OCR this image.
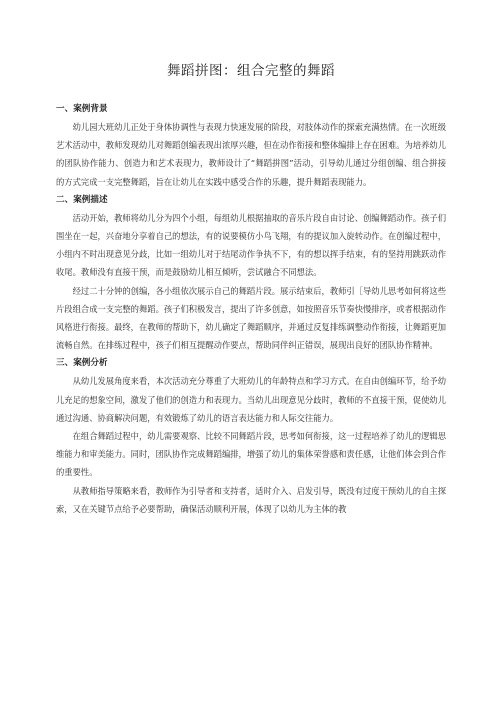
舞蹈拼图：组合完整的舞蹈
一、案例背景

幼儿园大班幼儿正处于身体协调性与表现力快速发展的阶段，对肢体动作的探索充满热情。在一次班级艺术活动中，教师发现幼儿对舞蹈创编表现出浓厚兴趣，但在动作衔接和整体编排上存在困难。为培养幼儿的团队协作能力、创造力和艺术表现力，教师设计了“舞蹈拼图”活动，引导幼儿通过分组创编、组合拼接的方式完成一支完整舞蹈，旨在让幼儿在实践中感受合作的乐趣，提升舞蹈表现能力。

二、案例描述

活动开始，教师将幼儿分为四个小组，每组幼儿根据抽取的音乐片段自由讨论、创编舞蹈动作。孩子们围坐在一起，兴奋地分享着自己的想法，有的说要模仿小鸟飞翔，有的提议加入旋转动作。在创编过程中，小组内不时出现意见分歧，比如一组幼儿对于结尾动作争执不下，有的想以挥手结束，有的坚持用跳跃动作收尾。教师没有直接干预，而是鼓励幼儿相互倾听，尝试融合不同想法。

经过二十分钟的创编，各小组依次展示自己的舞蹈片段。展示结束后，教师引［导幼儿思考如何将这些片段组合成一支完整的舞蹈。孩子们积极发言，提出了许多创意，如按照音乐节奏快慢排序，或者根据动作风格进行衔接。最终，在教师的帮助下，幼儿确定了舞蹈顺序，并通过反复排练调整动作衔接，让舞蹈更加流畅自然。在排练过程中，孩子们相互提醒动作要点，帮助同伴纠正错误，展现出良好的团队协作精神。

三、案例分析

从幼儿发展角度来看，本次活动充分尊重了大班幼儿的年龄特点和学习方式。在自由创编环节，给予幼儿充足的想象空间，激发了他们的创造力和表现力。当幼儿出现意见分歧时，教师的不直接干预，促使幼儿通过沟通、协商解决问题，有效锻炼了幼儿的语言表达能力和人际交往能力。

在组合舞蹈过程中，幼儿需要观察、比较不同舞蹈片段，思考如何衔接，这一过程培养了幼儿的逻辑思维能力和审美能力。同时，团队协作完成舞蹈编排，增强了幼儿的集体荣誉感和责任感，让他们体会到合作的重要性。

从教师指导策略来看，教师作为引导者和支持者，适时介入、启发引导，既没有过度干预幼儿的自主探索，又在关键节点给予必要帮助，确保活动顺利开展，体现了以幼儿为主体的教
